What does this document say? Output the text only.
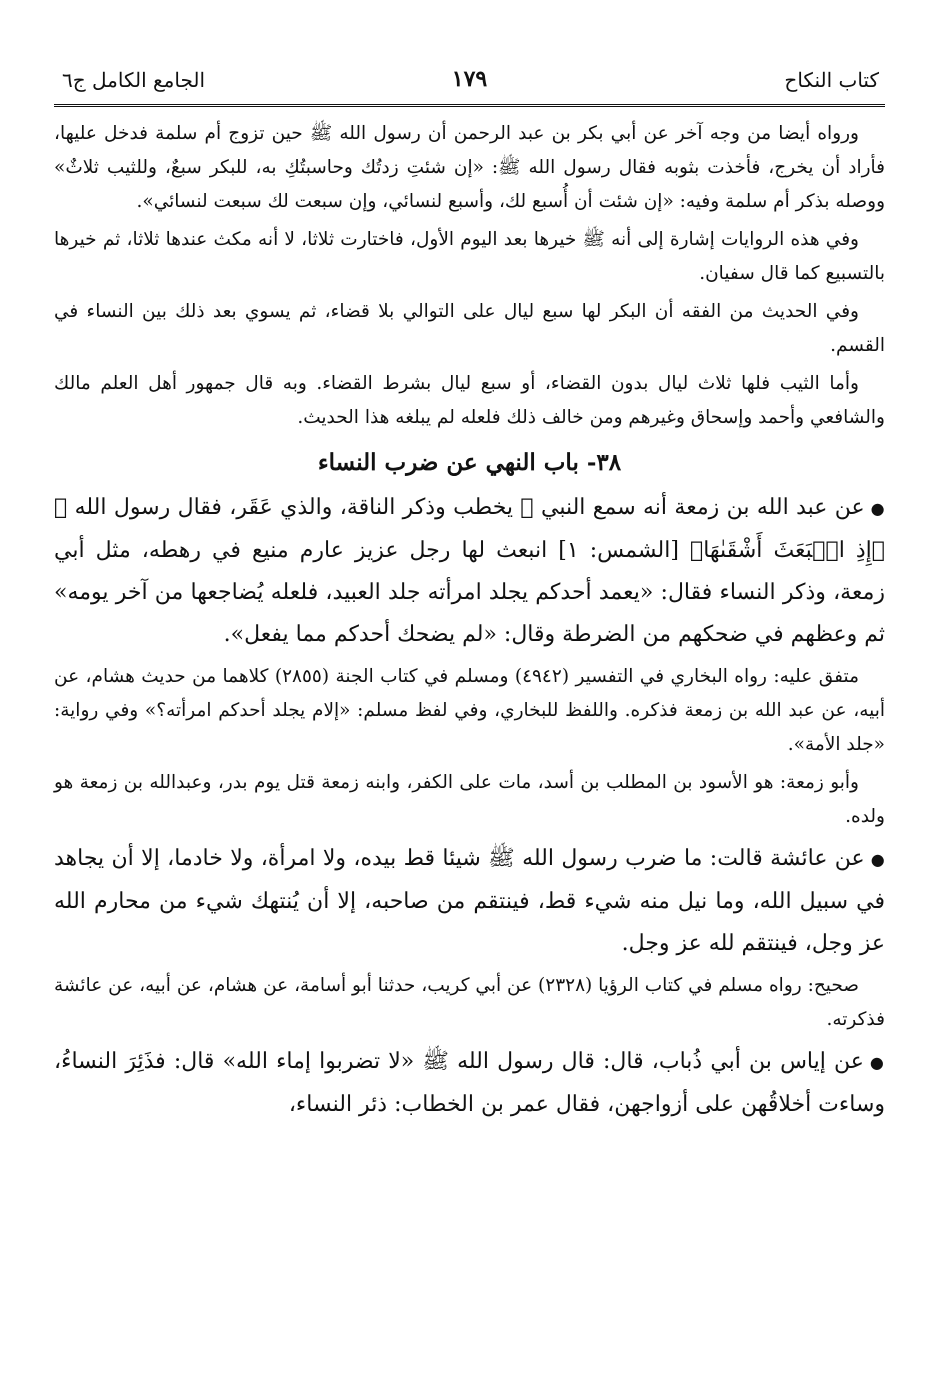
كتاب النكاح
١٧٩
الجامع الكامل ج٦

ورواه أيضا من وجه آخر عن أبي بكر بن عبد الرحمن أن رسول الله ﷺ حين تزوج أم سلمة فدخل عليها، فأراد أن يخرج، فأخذت بثوبه فقال رسول الله ﷺ: «إن شئتِ زدتُك وحاسبتُكِ به، للبكر سبعٌ، وللثيب ثلاثٌ» ووصله بذكر أم سلمة وفيه: «إن شئت أن أُسبع لك، وأسبع لنسائي، وإن سبعت لك سبعت لنسائي».

وفي هذه الروايات إشارة إلى أنه ﷺ خيرها بعد اليوم الأول، فاختارت ثلاثا، لا أنه مكث عندها ثلاثا، ثم خيرها بالتسبيع كما قال سفيان.

وفي الحديث من الفقه أن البكر لها سبع ليال على التوالي بلا قضاء، ثم يسوي بعد ذلك بين النساء في القسم.

وأما الثيب فلها ثلاث ليال بدون القضاء، أو سبع ليال بشرط القضاء. وبه قال جمهور أهل العلم مالك والشافعي وأحمد وإسحاق وغيرهم ومن خالف ذلك فلعله لم يبلغه هذا الحديث.

٣٨- باب النهي عن ضرب النساء

●عن عبد الله بن زمعة أنه سمع النبي ﷺ يخطب وذكر الناقة، والذي عَقَر، فقال رسول الله ﷺ ﴿إِذِ انۢبَعَثَ أَشْقَىٰهَا﴾ [الشمس: ١] انبعث لها رجل عزيز عارم منيع في رهطه، مثل أبي زمعة، وذكر النساء فقال: «يعمد أحدكم يجلد امرأته جلد العبيد، فلعله يُضاجعها من آخر يومه» ثم وعظهم في ضحكهم من الضرطة وقال: «لم يضحك أحدكم مما يفعل».

متفق عليه: رواه البخاري في التفسير (٤٩٤٢) ومسلم في كتاب الجنة (٢٨٥٥) كلاهما من حديث هشام، عن أبيه، عن عبد الله بن زمعة فذكره. واللفظ للبخاري، وفي لفظ مسلم: «إلام يجلد أحدكم امرأته؟» وفي رواية: «جلد الأمة».

وأبو زمعة: هو الأسود بن المطلب بن أسد، مات على الكفر، وابنه زمعة قتل يوم بدر، وعبدالله بن زمعة هو ولده.

●عن عائشة قالت: ما ضرب رسول الله ﷺ شيئا قط بيده، ولا امرأة، ولا خادما، إلا أن يجاهد في سبيل الله، وما نيل منه شيء قط، فينتقم من صاحبه، إلا أن يُنتهك شيء من محارم الله عز وجل، فينتقم لله عز وجل.

صحيح: رواه مسلم في كتاب الرؤيا (٢٣٢٨) عن أبي كريب، حدثنا أبو أسامة، عن هشام، عن أبيه، عن عائشة فذكرته.

●عن إياس بن أبي ذُباب، قال: قال رسول الله ﷺ «لا تضربوا إماء الله» قال: فذَئِرَ النساءُ، وساءت أخلاقُهن على أزواجهن، فقال عمر بن الخطاب: ذئر النساء،
